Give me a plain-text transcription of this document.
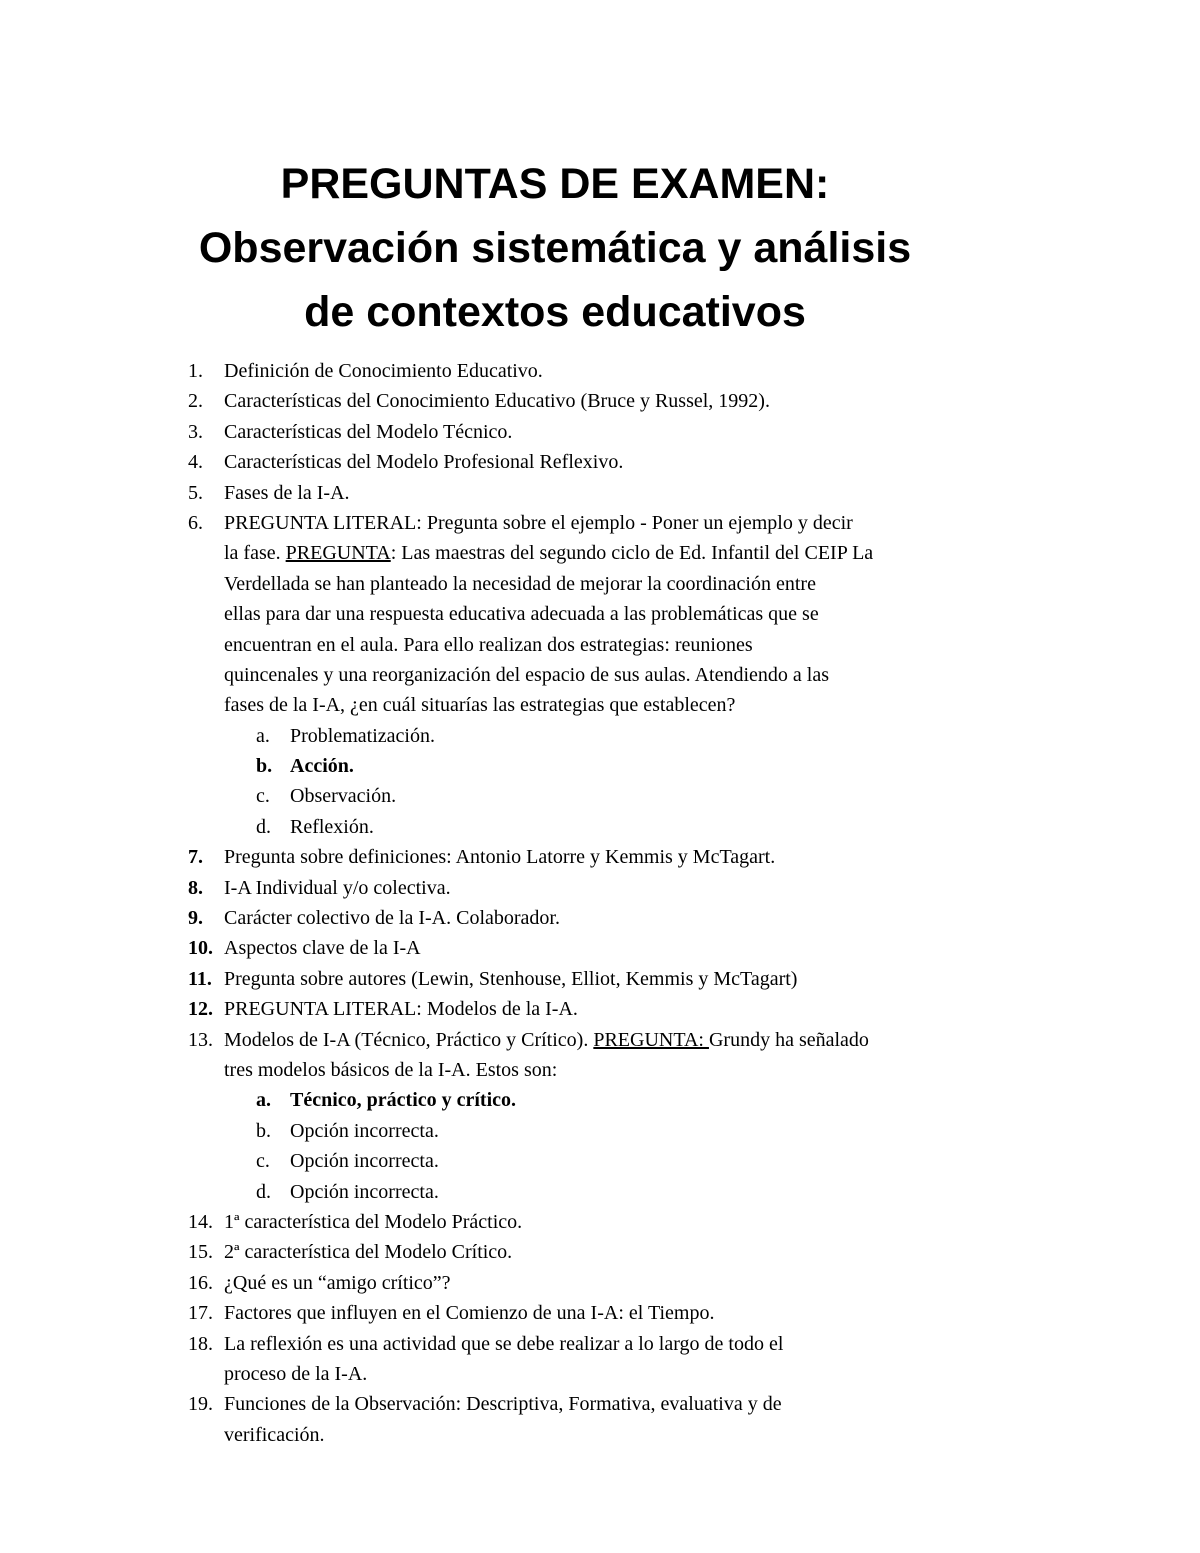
PREGUNTAS DE EXAMEN:
Observación sistemática y análisis
de contextos educativos
1.	Definición de Conocimiento Educativo.
2.	Características del Conocimiento Educativo (Bruce y Russel, 1992).
3.	Características del Modelo Técnico.
4.	Características del Modelo Profesional Reflexivo.
5.	Fases de la I-A.
6.	PREGUNTA LITERAL: Pregunta sobre el ejemplo - Poner un ejemplo y decir
la fase. PREGUNTA: Las maestras del segundo ciclo de Ed. Infantil del CEIP La
Verdellada se han planteado la necesidad de mejorar la coordinación entre
ellas para dar una respuesta educativa adecuada a las problemáticas que se
encuentran en el aula. Para ello realizan dos estrategias: reuniones
quincenales y una reorganización del espacio de sus aulas. Atendiendo a las
fases de la I-A, ¿en cuál situarías las estrategias que establecen?
a.	Problematización.
b. Acción.
c.	Observación.
d. Reflexión.
7.	Pregunta sobre definiciones: Antonio Latorre y Kemmis y McTagart.
8.	I-A Individual y/o colectiva.
9.	Carácter colectivo de la I-A. Colaborador.
10. Aspectos clave de la I-A
11. Pregunta sobre autores (Lewin, Stenhouse, Elliot, Kemmis y McTagart)
12. PREGUNTA LITERAL: Modelos de la I-A.
13. Modelos de I-A (Técnico, Práctico y Crítico). PREGUNTA: Grundy ha señalado
tres modelos básicos de la I-A. Estos son:
a. Técnico, práctico y crítico.
b. Opción incorrecta.
c.	Opción incorrecta.
d. Opción incorrecta.
14. 1ª característica del Modelo Práctico.
15. 2ª característica del Modelo Crítico.
16. ¿Qué es un “amigo crítico”?
17. Factores que influyen en el Comienzo de una I-A: el Tiempo.
18. La reflexión es una actividad que se debe realizar a lo largo de todo el
proceso de la I-A.
19. Funciones de la Observación: Descriptiva, Formativa, evaluativa y de
verificación.
